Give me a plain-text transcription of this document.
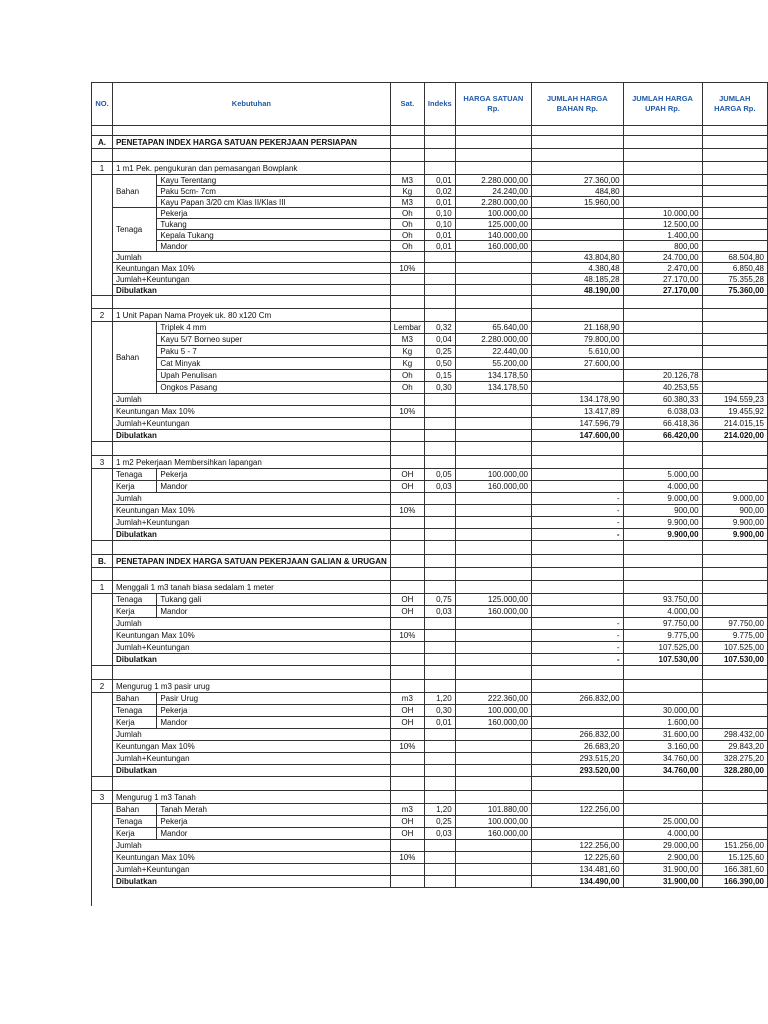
NO.	Kebutuhan		Sat.	Indeks	HARGA SATUAN Rp.	JUMLAH HARGA BAHAN Rp.	JUMLAH HARGA UPAH Rp.	JUMLAH HARGA Rp.

A.	PENETAPAN INDEX HARGA SATUAN PEKERJAAN PERSIAPAN							

1	1 m1 Pek. pengukuran dan pemasangan Bowplank							
	Bahan	Kayu Terentang	M3	0,01	2.280.000,00	27.360,00		
		Paku 5cm- 7cm	Kg	0,02	24.240,00	484,80		
		Kayu Papan 3/20 cm Klas II/Klas III	M3	0,01	2.280.000,00	15.960,00		
	Tenaga	Pekerja	Oh	0,10	100.000,00		10.000,00	
		Tukang	Oh	0,10	125.000,00		12.500,00	
		Kepala Tukang	Oh	0,01	140.000,00		1.400,00	
		Mandor	Oh	0,01	160.000,00		800,00	
	Jumlah					43.804,80	24.700,00	68.504,80
	Keuntungan Max 10%		10%			4.380,48	2.470,00	6.850,48
	Jumlah+Keuntungan					48.185,28	27.170,00	75.355,28
	Dibulatkan					48.190,00	27.170,00	75.360,00

2	1 Unit Papan Nama Proyek uk. 80 x120 Cm							
	Bahan	Triplek 4 mm	Lembar	0,32	65.640,00	21.168,90		
		Kayu 5/7 Borneo super	M3	0,04	2.280.000,00	79.800,00		
		Paku 5 - 7	Kg	0,25	22.440,00	5.610,00		
		Cat Minyak	Kg	0,50	55.200,00	27.600,00		
		Upah Penulisan	Oh	0,15	134.178,50		20.126,78	
		Ongkos Pasang	Oh	0,30	134.178,50		40.253,55	
	Jumlah					134.178,90	60.380,33	194.559,23
	Keuntungan Max 10%		10%			13.417,89	6.038,03	19.455,92
	Jumlah+Keuntungan					147.596,79	66.418,36	214.015,15
	Dibulatkan					147.600,00	66.420,00	214.020,00

3	1 m2 Pekerjaan Membersihkan lapangan							
	Tenaga	Pekerja	OH	0,05	100.000,00		5.000,00	
	Kerja	Mandor	OH	0,03	160.000,00		4.000,00	
	Jumlah					-	9.000,00	9.000,00
	Keuntungan Max 10%		10%			-	900,00	900,00
	Jumlah+Keuntungan					-	9.900,00	9.900,00
	Dibulatkan					-	9.900,00	9.900,00

B.	PENETAPAN INDEX HARGA SATUAN PEKERJAAN GALIAN & URUGAN							

1	Menggali 1 m3 tanah biasa sedalam 1 meter							
	Tenaga	Tukang gali	OH	0,75	125.000,00		93.750,00	
	Kerja	Mandor	OH	0,03	160.000,00		4.000,00	
	Jumlah					-	97.750,00	97.750,00
	Keuntungan Max 10%		10%			-	9.775,00	9.775,00
	Jumlah+Keuntungan					-	107.525,00	107.525,00
	Dibulatkan					-	107.530,00	107.530,00

2	Mengurug 1 m3 pasir urug							
	Bahan	Pasir Urug	m3	1,20	222.360,00	266.832,00		
	Tenaga	Pekerja	OH	0,30	100.000,00		30.000,00	
	Kerja	Mandor	OH	0,01	160.000,00		1.600,00	
	Jumlah					266.832,00	31.600,00	298.432,00
	Keuntungan Max 10%		10%			26.683,20	3.160,00	29.843,20
	Jumlah+Keuntungan					293.515,20	34.760,00	328.275,20
	Dibulatkan					293.520,00	34.760,00	328.280,00

3	Mengurug 1 m3 Tanah							
	Bahan	Tanah Merah	m3	1,20	101.880,00	122.256,00		
	Tenaga	Pekerja	OH	0,25	100.000,00		25.000,00	
	Kerja	Mandor	OH	0,03	160.000,00		4.000,00	
	Jumlah					122.256,00	29.000,00	151.256,00
	Keuntungan Max 10%		10%			12.225,60	2.900,00	15.125,60
	Jumlah+Keuntungan					134.481,60	31.900,00	166.381,60
	Dibulatkan					134.490,00	31.900,00	166.390,00
